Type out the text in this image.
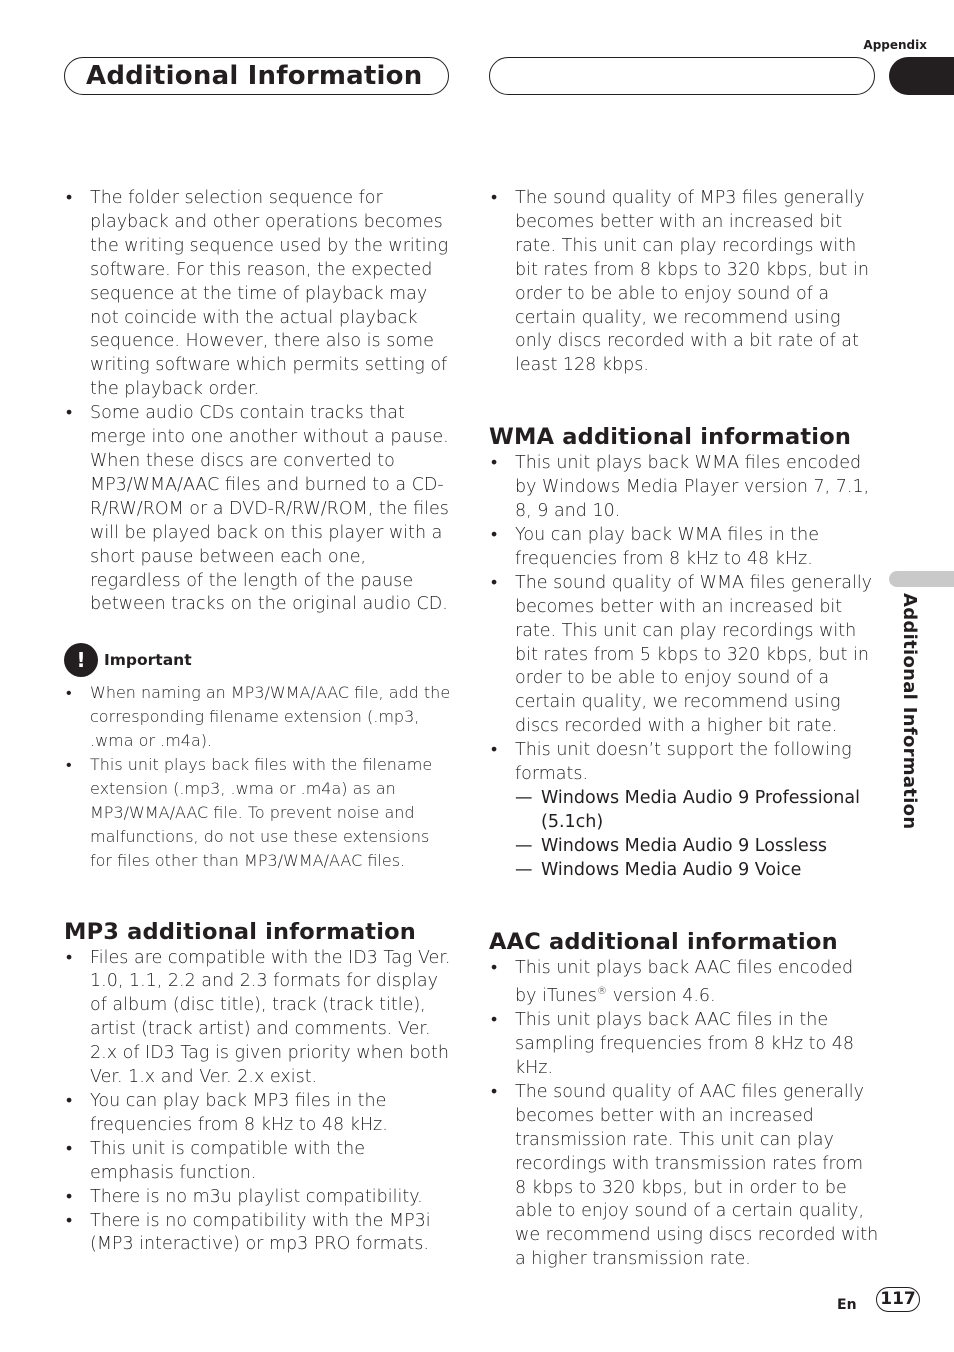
Appendix
Additional Information
• The folder selection sequence for playback and other operations becomes the writing sequence used by the writing software. For this reason, the expected sequence at the time of playback may not coincide with the actual playback sequence. However, there also is some writing software which permits setting of the playback order.
• Some audio CDs contain tracks that merge into one another without a pause. When these discs are converted to MP3/WMA/AAC files and burned to a CD-R/RW/ROM or a DVD-R/RW/ROM, the files will be played back on this player with a short pause between each one, regardless of the length of the pause between tracks on the original audio CD.
!	Important
• When naming an MP3/WMA/AAC file, add the corresponding filename extension (.mp3, .wma or .m4a).
• This unit plays back files with the filename extension (.mp3, .wma or .m4a) as an MP3/WMA/AAC file. To prevent noise and malfunctions, do not use these extensions for files other than MP3/WMA/AAC files.
MP3 additional information
• Files are compatible with the ID3 Tag Ver. 1.0, 1.1, 2.2 and 2.3 formats for display of album (disc title), track (track title), artist (track artist) and comments. Ver. 2.x of ID3 Tag is given priority when both Ver. 1.x and Ver. 2.x exist.
• You can play back MP3 files in the frequencies from 8 kHz to 48 kHz.
• This unit is compatible with the emphasis function.
• There is no m3u playlist compatibility.
• There is no compatibility with the MP3i (MP3 interactive) or mp3 PRO formats.
• The sound quality of MP3 files generally becomes better with an increased bit rate. This unit can play recordings with bit rates from 8 kbps to 320 kbps, but in order to be able to enjoy sound of a certain quality, we recommend using only discs recorded with a bit rate of at least 128 kbps.
WMA additional information
• This unit plays back WMA files encoded by Windows Media Player version 7, 7.1, 8, 9 and 10.
• You can play back WMA files in the frequencies from 8 kHz to 48 kHz.
• The sound quality of WMA files generally becomes better with an increased bit rate. This unit can play recordings with bit rates from 5 kbps to 320 kbps, but in order to be able to enjoy sound of a certain quality, we recommend using discs recorded with a higher bit rate.
• This unit doesn’t support the following formats.
— Windows Media Audio 9 Professional (5.1ch)
— Windows Media Audio 9 Lossless
— Windows Media Audio 9 Voice
AAC additional information
• This unit plays back AAC files encoded by iTunes® version 4.6.
• This unit plays back AAC files in the sampling frequencies from 8 kHz to 48 kHz.
• The sound quality of AAC files generally becomes better with an increased transmission rate. This unit can play recordings with transmission rates from 8 kbps to 320 kbps, but in order to be able to enjoy sound of a certain quality, we recommend using discs recorded with a higher transmission rate.
Additional Information
En 117
